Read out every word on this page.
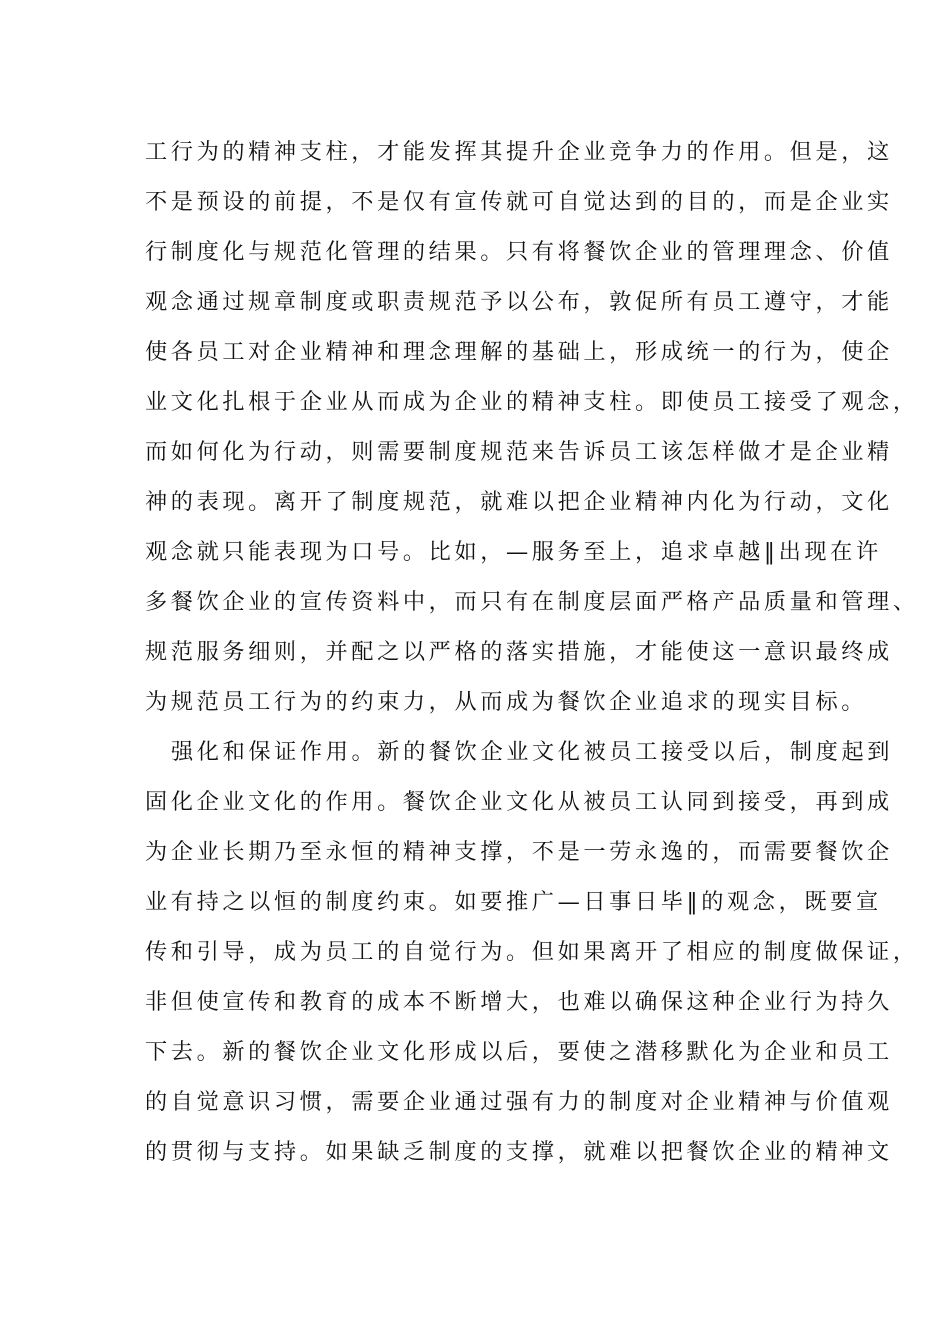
工行为的精神支柱，才能发挥其提升企业竞争力的作用。但是，这
不是预设的前提，不是仅有宣传就可自觉达到的目的，而是企业实
行制度化与规范化管理的结果。只有将餐饮企业的管理理念、价值
观念通过规章制度或职责规范予以公布，敦促所有员工遵守，才能
使各员工对企业精神和理念理解的基础上，形成统一的行为，使企
业文化扎根于企业从而成为企业的精神支柱。即使员工接受了观念，
而如何化为行动，则需要制度规范来告诉员工该怎样做才是企业精
神的表现。离开了制度规范，就难以把企业精神内化为行动，文化
观念就只能表现为口号。比如，—服务至上，追求卓越‖出现在许
多餐饮企业的宣传资料中，而只有在制度层面严格产品质量和管理、
规范服务细则，并配之以严格的落实措施，才能使这一意识最终成
为规范员工行为的约束力，从而成为餐饮企业追求的现实目标。
强化和保证作用。新的餐饮企业文化被员工接受以后，制度起到
固化企业文化的作用。餐饮企业文化从被员工认同到接受，再到成
为企业长期乃至永恒的精神支撑，不是一劳永逸的，而需要餐饮企
业有持之以恒的制度约束。如要推广—日事日毕‖的观念，既要宣
传和引导，成为员工的自觉行为。但如果离开了相应的制度做保证，
非但使宣传和教育的成本不断增大，也难以确保这种企业行为持久
下去。新的餐饮企业文化形成以后，要使之潜移默化为企业和员工
的自觉意识习惯，需要企业通过强有力的制度对企业精神与价值观
的贯彻与支持。如果缺乏制度的支撑，就难以把餐饮企业的精神文
